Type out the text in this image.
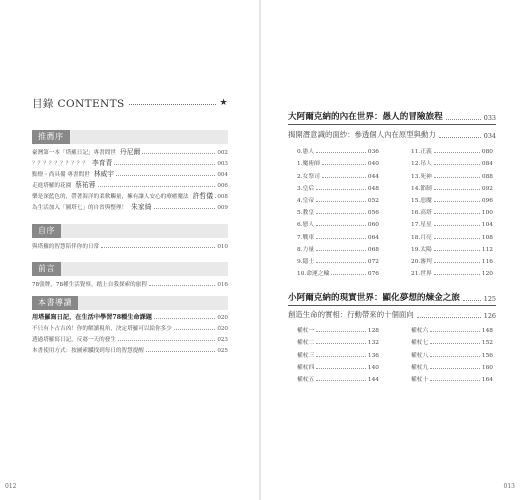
目錄 CONTENTS	★
推薦序
臺灣第一本「塔羅日記」專書問世 丹尼爾	002
？？？？？？？？？？ 李育青	003
點燈・尚具備 專書問世 林威宇	004
走進塔羅的花園 蔡祐蓉	006
樂是深藍色的，帶著海洋的柔軟觸量，擁有讓人安心的療癒魔法 許哲儀 008
為生活加入「圖塔七」的自省與整理！ 朱家綺	009
自序
與塔羅的智慧陪伴你的日常	010
前言
78張牌，78種生活覺察，踏上自我探索的旅程	016
本書導讀
用塔羅寫日記，在生活中學習78種生命課題	020
不只有卜占吉凶！你的解讀視角，決定塔羅可以給你多少	020
透過塔羅寫日記，反芻一天的發生	023
本書使用方式：按圖索驥找到每日的智慧提醒	025
012
大阿爾克納的內在世界：愚人的冒險旅程	033
揭開潛意識的面紗：參透個人內在原型與動力	034
0.愚人	036
1.魔術師	040
2.女祭司	044
3.皇后	048
4.皇帝	052
5.教皇	056
6.戀人	060
7.戰車	064
8.力量	068
9.隱士	072
10.命運之輪	076
11.正義	080
12.吊人	084
13.死神	088
14.節制	092
15.惡魔	096
16.高塔	100
17.星星	104
18.月亮	108
19.太陽	112
20.審判	116
21.世界	120
小阿爾克納的現實世界：顯化夢想的煉金之旅	125
創造生命的實相：行動帶來的十個面向	126
權杖一	128
權杖二	132
權杖三	136
權杖四	140
權杖五	144
權杖六	148
權杖七	152
權杖八	156
權杖九	160
權杖十	164
013
